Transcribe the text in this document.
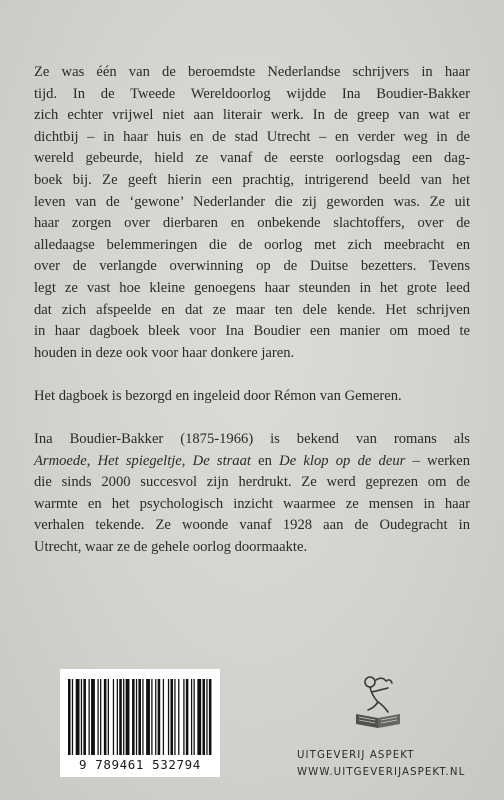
Ze was één van de beroemdste Nederlandse schrijvers in haar
tijd. In de Tweede Wereldoorlog wijdde Ina Boudier-Bakker
zich echter vrijwel niet aan literair werk. In de greep van wat er
dichtbij – in haar huis en de stad Utrecht – en verder weg in de
wereld gebeurde, hield ze vanaf de eerste oorlogsdag een dag-
boek bij. Ze geeft hierin een prachtig, intrigerend beeld van het
leven van de ‘gewone’ Nederlander die zij geworden was. Ze uit
haar zorgen over dierbaren en onbekende slachtoffers, over de
alledaagse belemmeringen die de oorlog met zich meebracht en
over de verlangde overwinning op de Duitse bezetters. Tevens
legt ze vast hoe kleine genoegens haar steunden in het grote leed
dat zich afspeelde en dat ze maar ten dele kende. Het schrijven
in haar dagboek bleek voor Ina Boudier een manier om moed te
houden in deze ook voor haar donkere jaren.

Het dagboek is bezorgd en ingeleid door Rémon van Gemeren.

Ina Boudier-Bakker (1875-1966) is bekend van romans als
Armoede, Het spiegeltje, De straat en De klop op de deur – werken
die sinds 2000 succesvol zijn herdrukt. Ze werd geprezen om de
warmte en het psychologisch inzicht waarmee ze mensen in haar
verhalen tekende. Ze woonde vanaf 1928 aan de Oudegracht in
Utrecht, waar ze de gehele oorlog doormaakte.

9 789461 532794
UITGEVERIJ ASPEKT
WWW.UITGEVERIJASPEKT.NL
